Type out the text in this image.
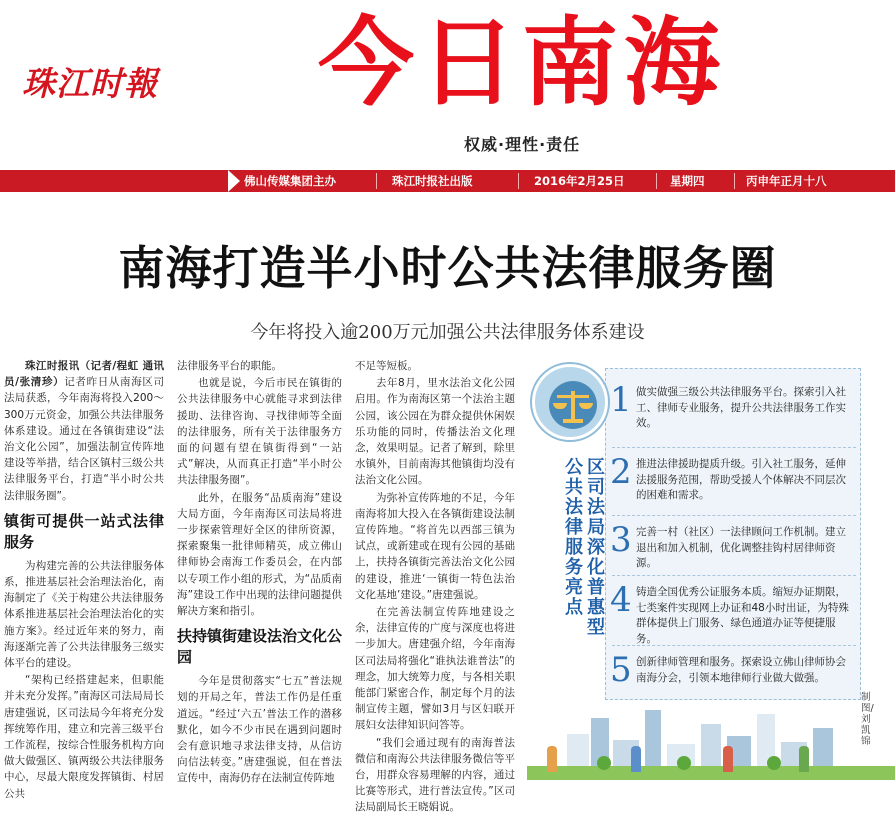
珠江时報 今日南海
权威·理性·责任
佛山传媒集团主办	珠江时报社出版	2016年2月25日	星期四	丙申年正月十八
南海打造半小时公共法律服务圈
今年将投入逾200万元加强公共法律服务体系建设

珠江时报讯（记者/程虹 通讯员/张清珍）记者昨日从南海区司法局获悉，今年南海将投入200～300万元资金，加强公共法律服务体系建设。通过在各镇街建设“法治文化公园”，加强法制宣传阵地建设等举措，结合区镇村三级公共法律服务平台，打造“半小时公共法律服务圈”。

镇街可提供一站式法律服务

为构建完善的公共法律服务体系，推进基层社会治理法治化，南海制定了《关于构建公共法律服务体系推进基层社会治理法治化的实施方案》。经过近年来的努力，南海逐渐完善了公共法律服务三级实体平台的建设。

“架构已经搭建起来，但职能并未充分发挥。”南海区司法局局长唐建强说，区司法局今年将充分发挥统筹作用，建立和完善三级平台工作流程，按综合性服务机构方向做大做强区、镇两级公共法律服务中心，尽最大限度发挥镇街、村居公共

法律服务平台的职能。

也就是说，今后市民在镇街的公共法律服务中心就能寻求到法律援助、法律咨询、寻找律师等全面的法律服务，所有关于法律服务方面的问题有望在镇街得到“一站式”解决，从而真正打造“半小时公共法律服务圈”。

此外，在服务“品质南海”建设大局方面，今年南海区司法局将进一步探索管理好全区的律所资源，探索聚集一批律师精英，成立佛山律师协会南海工作委员会，在内部以专项工作小组的形式，为“品质南海”建设工作中出现的法律问题提供解决方案和指引。

扶持镇街建设法治文化公园

今年是贯彻落实“七五”普法规划的开局之年，普法工作仍是任重道远。“经过‘六五’普法工作的潜移默化，如今不少市民在遇到问题时会有意识地寻求法律支持，从信访向信法转变。”唐建强说，但在普法宣传中，南海仍存在法制宣传阵地

不足等短板。

去年8月，里水法治文化公园启用。作为南海区第一个法治主题公园，该公园在为群众提供休闲娱乐功能的同时，传播法治文化理念，效果明显。记者了解到，除里水镇外，目前南海其他镇街均没有法治文化公园。

为弥补宣传阵地的不足，今年南海将加大投入在各镇街建设法制宣传阵地。“将首先以西部三镇为试点，或新建或在现有公园的基础上，扶持各镇街完善法治文化公园的建设，推进‘一镇街一特色法治文化基地’建设。”唐建强说。

在完善法制宣传阵地建设之余，法律宣传的广度与深度也将进一步加大。唐建强介绍，今年南海区司法局将强化“谁执法谁普法”的理念，加大统筹力度，与各相关职能部门紧密合作，制定每个月的法制宣传主题，譬如3月与区妇联开展妇女法律知识问答等。

“我们会通过现有的南海普法微信和南海公共法律服务微信等平台，用群众容易理解的内容，通过比赛等形式，进行普法宣传。”区司法局副局长王晓娟说。

1 做实做强三级公共法律服务平台。探索引入社工、律师专业服务，提升公共法律服务工作实效。
2 推进法律援助提质升级。引入社工服务，延伸法援服务范围，帮助受援人个体解决不同层次的困难和需求。
3 完善一村（社区）一法律顾问工作机制。建立退出和加入机制，优化调整挂钩村居律师资源。
4 铸造全国优秀公证服务本质。缩短办证期限，七类案件实现网上办证和48小时出证，为特殊群体提供上门服务、绿色通道办证等便捷服务。
5 创新律师管理和服务。探索设立佛山律师协会南海分会，引领本地律师行业做大做强。
区司法局深化普惠型
公共法律服务亮点
制图/刘凯锦
